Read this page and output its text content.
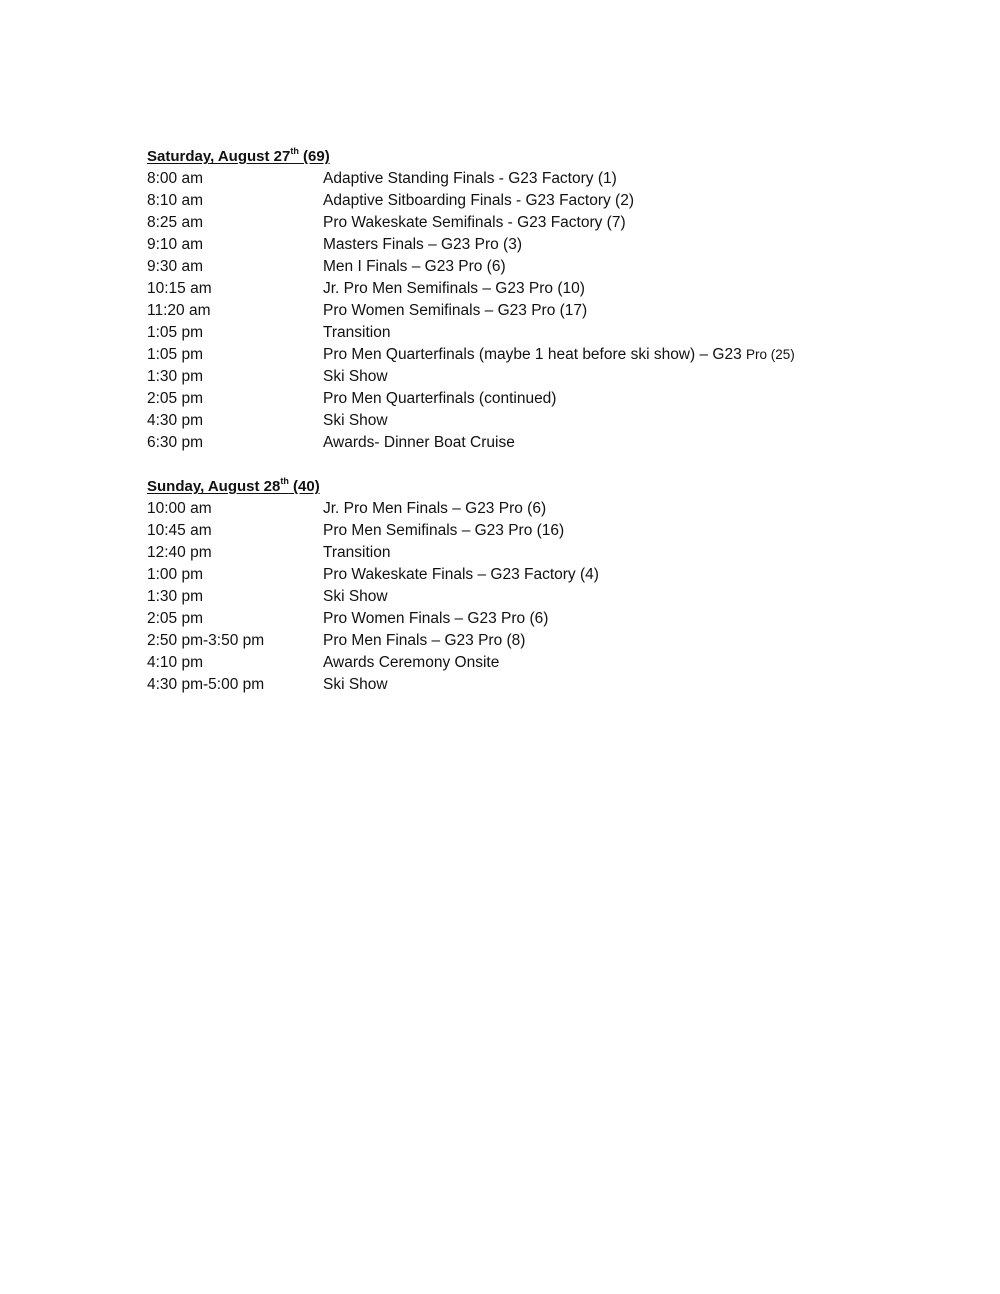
Saturday, August 27th (69)
8:00 am	Adaptive Standing Finals - G23 Factory (1)
8:10 am	Adaptive Sitboarding Finals - G23 Factory (2)
8:25 am	Pro Wakeskate Semifinals - G23 Factory (7)
9:10 am	Masters Finals – G23 Pro (3)
9:30 am	Men I Finals – G23 Pro (6)
10:15 am	Jr. Pro Men Semifinals – G23 Pro (10)
11:20 am	Pro Women Semifinals – G23 Pro (17)
1:05 pm	Transition
1:05 pm	Pro Men Quarterfinals (maybe 1 heat before ski show) – G23 Pro (25)
1:30 pm	Ski Show
2:05 pm	Pro Men Quarterfinals (continued)
4:30 pm	Ski Show
6:30 pm	Awards- Dinner Boat Cruise
Sunday, August 28th (40)
10:00 am	Jr. Pro Men Finals – G23 Pro (6)
10:45 am	Pro Men Semifinals – G23 Pro (16)
12:40 pm	Transition
1:00 pm	Pro Wakeskate Finals – G23 Factory (4)
1:30 pm	Ski Show
2:05 pm	Pro Women Finals – G23 Pro (6)
2:50 pm-3:50 pm	Pro Men Finals – G23 Pro (8)
4:10 pm	Awards Ceremony Onsite
4:30 pm-5:00 pm	Ski Show
